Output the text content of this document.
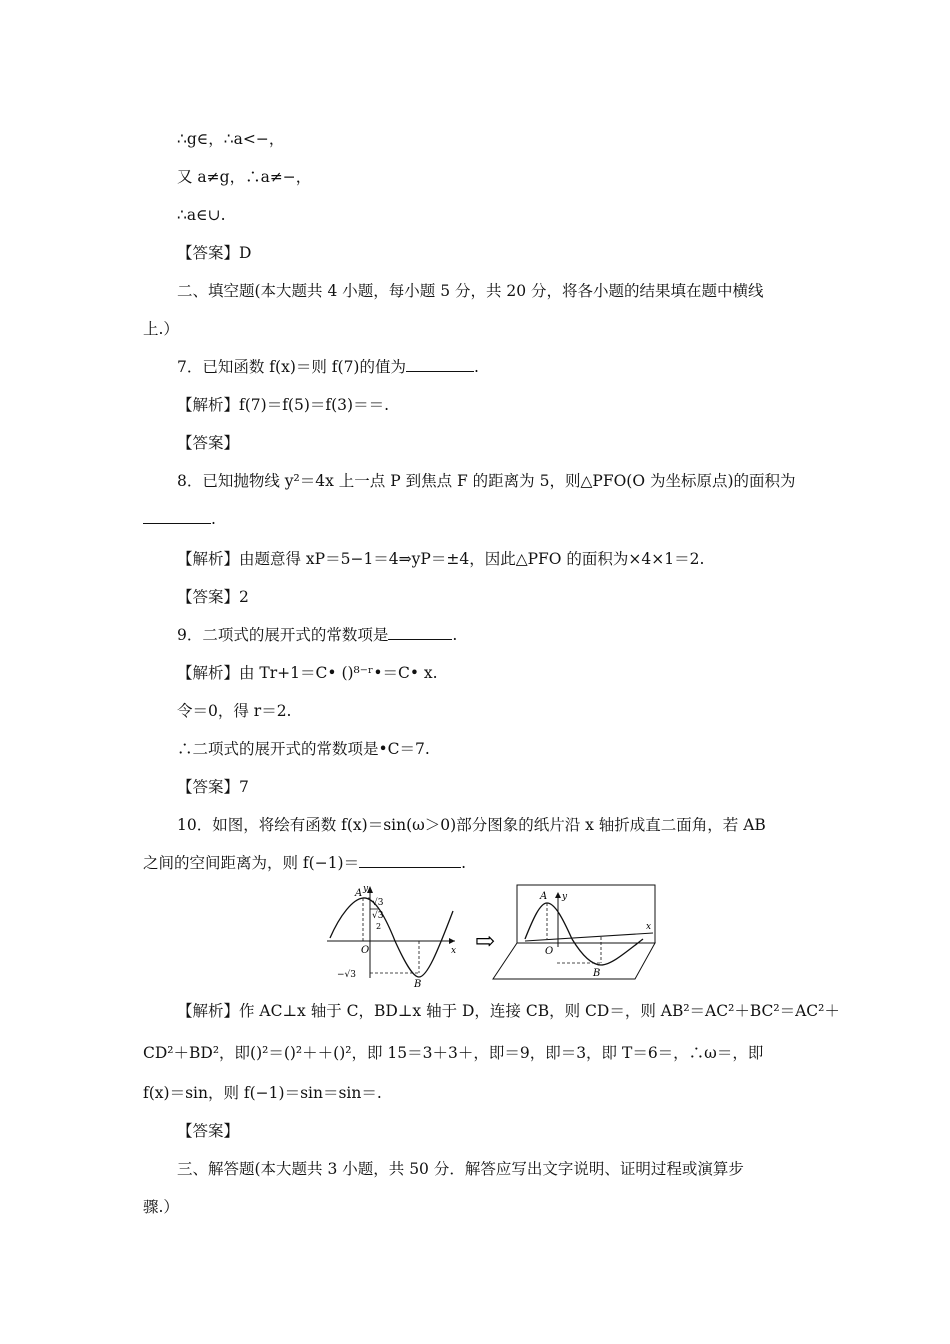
∴g∈，∴a<−，
又 a≠g，∴a≠−，
∴a∈∪.
【答案】D
二、填空题(本大题共 4 小题，每小题 5 分，共 20 分，将各小题的结果填在题中横线
上.）
7．已知函数 f(x)＝则 f(7)的值为	.
【解析】f(7)＝f(5)＝f(3)＝＝.
【答案】
8．已知抛物线 y²＝4x 上一点 P 到焦点 F 的距离为 5，则△PFO(O 为坐标原点)的面积为
.
【解析】由题意得 xP＝5−1＝4⇒yP＝±4，因此△PFO 的面积为×4×1＝2.
【答案】2
9．二项式的展开式的常数项是	.
【解析】由 Tr+1＝C• ()⁸⁻ʳ•＝C• x.
令＝0，得 r＝2.
∴二项式的展开式的常数项是•C＝7.
【答案】7
10．如图，将绘有函数 f(x)＝sin(ω＞0)部分图象的纸片沿 x 轴折成直二面角，若 AB
之间的空间距离为，则 f(−1)＝	.
A y
√3
√3
2
O	x
−√3
B
⇨
A y
O
x
B
【解析】作 AC⊥x 轴于 C，BD⊥x 轴于 D，连接 CB，则 CD＝，则 AB²＝AC²＋BC²＝AC²＋
CD²＋BD²，即()²＝()²＋＋()²，即 15＝3＋3＋，即＝9，即＝3，即 T＝6＝，∴ω＝，即
f(x)＝sin，则 f(−1)＝sin＝sin＝.
【答案】
三、解答题(本大题共 3 小题，共 50 分．解答应写出文字说明、证明过程或演算步
骤.）
